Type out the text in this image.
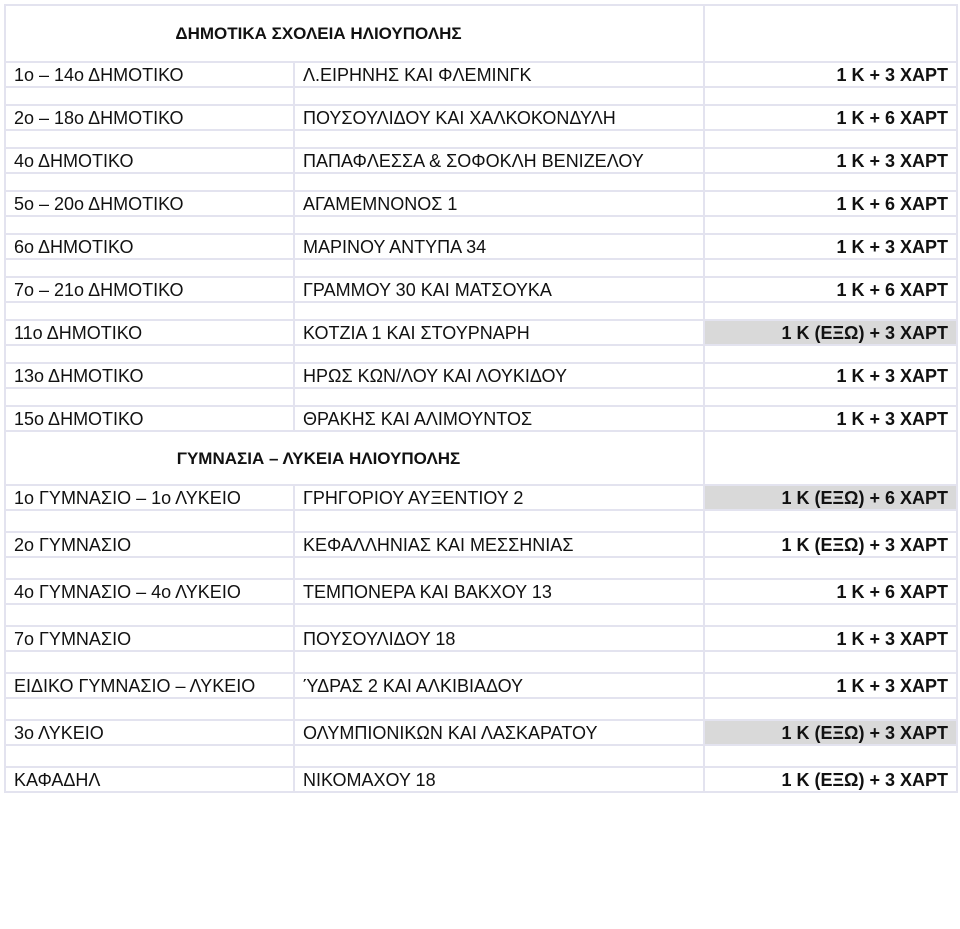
ΔΗΜΟΤΙΚΑ ΣΧΟΛΕΙΑ ΗΛΙΟΥΠΟΛΗΣ		
1ο – 14ο ΔΗΜΟΤΙΚΟ	Λ.ΕΙΡΗΝΗΣ ΚΑΙ ΦΛΕΜΙΝΓΚ	1 Κ + 3 ΧΑΡΤ

2ο – 18ο ΔΗΜΟΤΙΚΟ	ΠΟΥΣΟΥΛΙΔΟΥ ΚΑΙ ΧΑΛΚΟΚΟΝΔΥΛΗ	1 Κ + 6 ΧΑΡΤ

4ο ΔΗΜΟΤΙΚΟ	ΠΑΠΑΦΛΕΣΣΑ & ΣΟΦΟΚΛΗ ΒΕΝΙΖΕΛΟΥ	1 Κ + 3 ΧΑΡΤ

5ο – 20ο ΔΗΜΟΤΙΚΟ	ΑΓΑΜΕΜΝΟΝΟΣ 1	1 Κ + 6 ΧΑΡΤ

6ο ΔΗΜΟΤΙΚΟ	ΜΑΡΙΝΟΥ ΑΝΤΥΠΑ 34	1 Κ + 3 ΧΑΡΤ

7ο – 21ο ΔΗΜΟΤΙΚΟ	ΓΡΑΜΜΟΥ 30 ΚΑΙ ΜΑΤΣΟΥΚΑ	1 Κ + 6 ΧΑΡΤ

11ο ΔΗΜΟΤΙΚΟ	ΚΟΤΖΙΑ 1 ΚΑΙ ΣΤΟΥΡΝΑΡΗ	1 Κ (ΕΞΩ) + 3 ΧΑΡΤ

13ο ΔΗΜΟΤΙΚΟ	ΗΡΩΣ ΚΩΝ/ΛΟΥ ΚΑΙ ΛΟΥΚΙΔΟΥ	1 Κ + 3 ΧΑΡΤ

15ο ΔΗΜΟΤΙΚΟ	ΘΡΑΚΗΣ ΚΑΙ ΑΛΙΜΟΥΝΤΟΣ	1 Κ + 3 ΧΑΡΤ
ΓΥΜΝΑΣΙΑ – ΛΥΚΕΙΑ ΗΛΙΟΥΠΟΛΗΣ		
1ο ΓΥΜΝΑΣΙΟ – 1ο ΛΥΚΕΙΟ	ΓΡΗΓΟΡΙΟΥ ΑΥΞΕΝΤΙΟΥ 2	1 Κ (ΕΞΩ) + 6 ΧΑΡΤ

2ο ΓΥΜΝΑΣΙΟ	ΚΕΦΑΛΛΗΝΙΑΣ ΚΑΙ ΜΕΣΣΗΝΙΑΣ	1 Κ (ΕΞΩ) + 3 ΧΑΡΤ

4ο ΓΥΜΝΑΣΙΟ – 4ο ΛΥΚΕΙΟ	ΤΕΜΠΟΝΕΡΑ ΚΑΙ ΒΑΚΧΟΥ 13	1 Κ + 6 ΧΑΡΤ

7ο ΓΥΜΝΑΣΙΟ	ΠΟΥΣΟΥΛΙΔΟΥ 18	1 Κ + 3 ΧΑΡΤ

ΕΙΔΙΚΟ ΓΥΜΝΑΣΙΟ – ΛΥΚΕΙΟ	ΎΔΡΑΣ 2 ΚΑΙ ΑΛΚΙΒΙΑΔΟΥ	1 Κ + 3 ΧΑΡΤ

3ο ΛΥΚΕΙΟ	ΟΛΥΜΠΙΟΝΙΚΩΝ ΚΑΙ ΛΑΣΚΑΡΑΤΟΥ	1 Κ (ΕΞΩ) + 3 ΧΑΡΤ

ΚΑΦΑΔΗΛ	ΝΙΚΟΜΑΧΟΥ 18	1 Κ (ΕΞΩ) + 3 ΧΑΡΤ
